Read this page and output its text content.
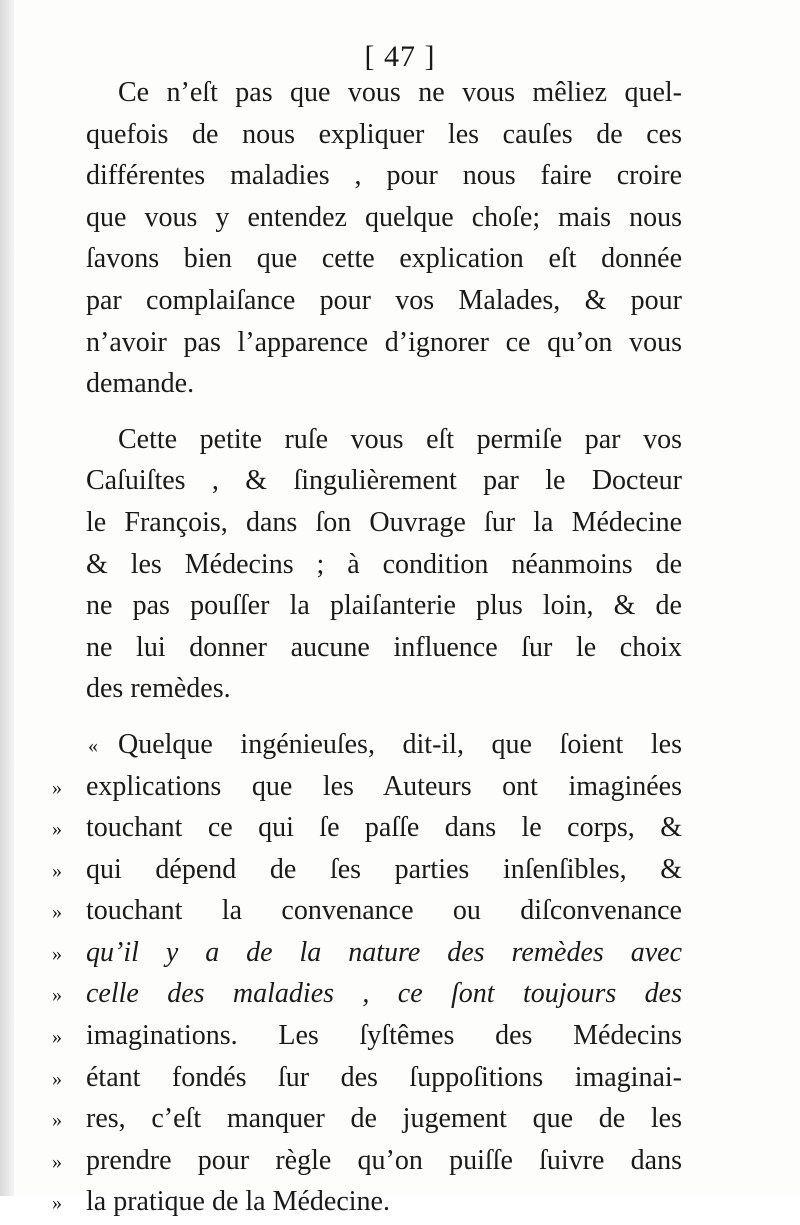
[ 47 ]
Ce n’eſt pas que vous ne vous mêliez quel-
quefois de nous expliquer les cauſes de ces
différentes maladies , pour nous faire croire
que vous y entendez quelque choſe; mais nous
ſavons bien que cette explication eſt donnée
par complaiſance pour vos Malades, & pour
n’avoir pas l’apparence d’ignorer ce qu’on vous
demande.
Cette petite ruſe vous eſt permiſe par vos
Caſuiſtes , & ſingulièrement par le Docteur
le François, dans ſon Ouvrage ſur la Médecine
& les Médecins ; à condition néanmoins de
ne pas pouſſer la plaiſanterie plus loin, & de
ne lui donner aucune influence ſur le choix
des remèdes.
« Quelque ingénieuſes, dit-il, que ſoient les
» explications que les Auteurs ont imaginées
» touchant ce qui ſe paſſe dans le corps, &
» qui dépend de ſes parties inſenſibles, &
» touchant la convenance ou diſconvenance
» qu’il y a de la nature des remèdes avec
» celle des maladies , ce ſont toujours des
» imaginations. Les ſyſtêmes des Médecins
» étant fondés ſur des ſuppoſitions imaginai-
» res, c’eſt manquer de jugement que de les
» prendre pour règle qu’on puiſſe ſuivre dans
» la pratique de la Médecine.
